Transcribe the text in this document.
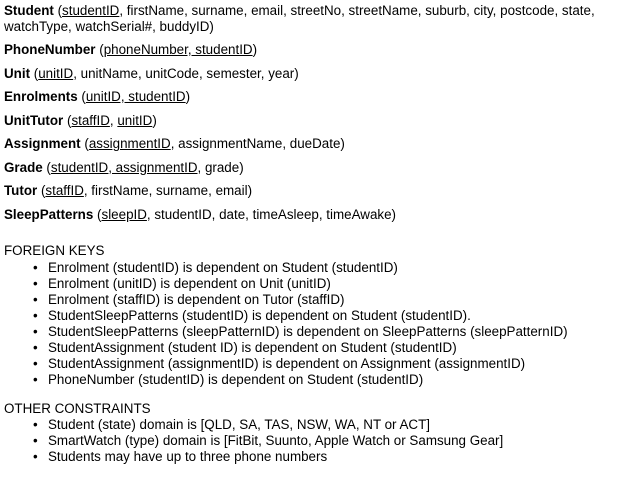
Student (studentID, firstName, surname, email, streetNo, streetName, suburb, city, postcode, state, watchType, watchSerial#, buddyID)
PhoneNumber (phoneNumber, studentID)
Unit (unitID, unitName, unitCode, semester, year)
Enrolments (unitID, studentID)
UnitTutor (staffID, unitID)
Assignment (assignmentID, assignmentName, dueDate)
Grade (studentID, assignmentID, grade)
Tutor (staffID, firstName, surname, email)
SleepPatterns (sleepID, studentID, date, timeAsleep, timeAwake)
FOREIGN KEYS
• Enrolment (studentID) is dependent on Student (studentID)
• Enrolment (unitID) is dependent on Unit (unitID)
• Enrolment (staffID) is dependent on Tutor (staffID)
• StudentSleepPatterns (studentID) is dependent on Student (studentID).
• StudentSleepPatterns (sleepPatternID) is dependent on SleepPatterns (sleepPatternID)
• StudentAssignment (student ID) is dependent on Student (studentID)
• StudentAssignment (assignmentID) is dependent on Assignment (assignmentID)
• PhoneNumber (studentID) is dependent on Student (studentID)
OTHER CONSTRAINTS
• Student (state) domain is [QLD, SA, TAS, NSW, WA, NT or ACT]
• SmartWatch (type) domain is [FitBit, Suunto, Apple Watch or Samsung Gear]
• Students may have up to three phone numbers
